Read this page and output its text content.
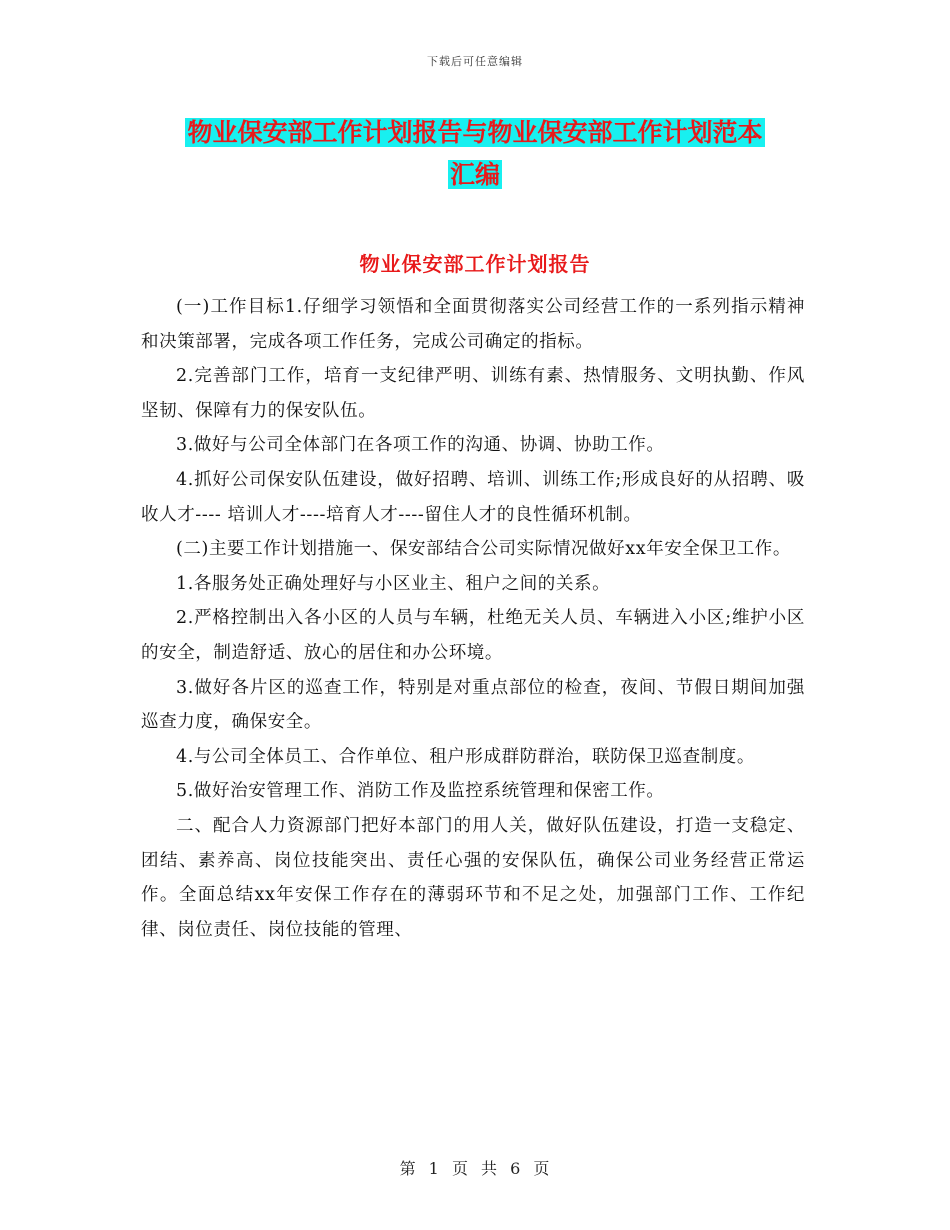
下载后可任意编辑
物业保安部工作计划报告与物业保安部工作计划范本
汇编
物业保安部工作计划报告

(一)工作目标1.仔细学习领悟和全面贯彻落实公司经营工作的一系列指示精神和决策部署，完成各项工作任务，完成公司确定的指标。

2.完善部门工作，培育一支纪律严明、训练有素、热情服务、文明执勤、作风坚韧、保障有力的保安队伍。

3.做好与公司全体部门在各项工作的沟通、协调、协助工作。

4.抓好公司保安队伍建设，做好招聘、培训、训练工作;形成良好的从招聘、吸收人才---- 培训人才----培育人才----留住人才的良性循环机制。

(二)主要工作计划措施一、保安部结合公司实际情况做好xx年安全保卫工作。

1.各服务处正确处理好与小区业主、租户之间的关系。

2.严格控制出入各小区的人员与车辆，杜绝无关人员、车辆进入小区;维护小区的安全，制造舒适、放心的居住和办公环境。

3.做好各片区的巡查工作，特别是对重点部位的检查，夜间、节假日期间加强巡查力度，确保安全。

4.与公司全体员工、合作单位、租户形成群防群治，联防保卫巡查制度。

5.做好治安管理工作、消防工作及监控系统管理和保密工作。

二、配合人力资源部门把好本部门的用人关，做好队伍建设，打造一支稳定、团结、素养高、岗位技能突出、责任心强的安保队伍，确保公司业务经营正常运作。全面总结xx年安保工作存在的薄弱环节和不足之处，加强部门工作、工作纪律、岗位责任、岗位技能的管理、

第 1 页 共 6 页
